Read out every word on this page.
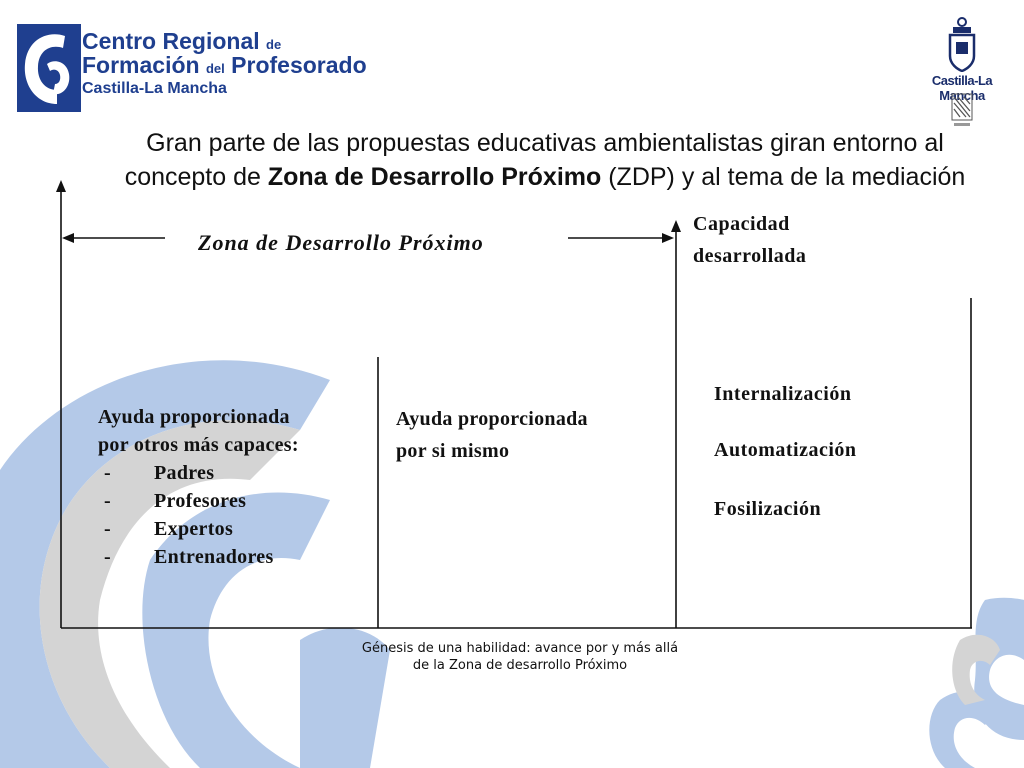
Centro Regional de
Formación del Profesorado
Castilla-La Mancha	Castilla-La Mancha
Gran parte de las propuestas educativas ambientalistas giran entorno al concepto de Zona de Desarrollo Próximo (ZDP) y al tema de la mediación
Zona de Desarrollo Próximo
Capacidad
desarrollada
Ayuda proporcionada
por otros más capaces:
-	Padres
-	Profesores
-	Expertos
-	Entrenadores
Ayuda proporcionada
por si mismo
Internalización
Automatización
Fosilización
Génesis de una habilidad: avance por y más allá
de la Zona de desarrollo Próximo
